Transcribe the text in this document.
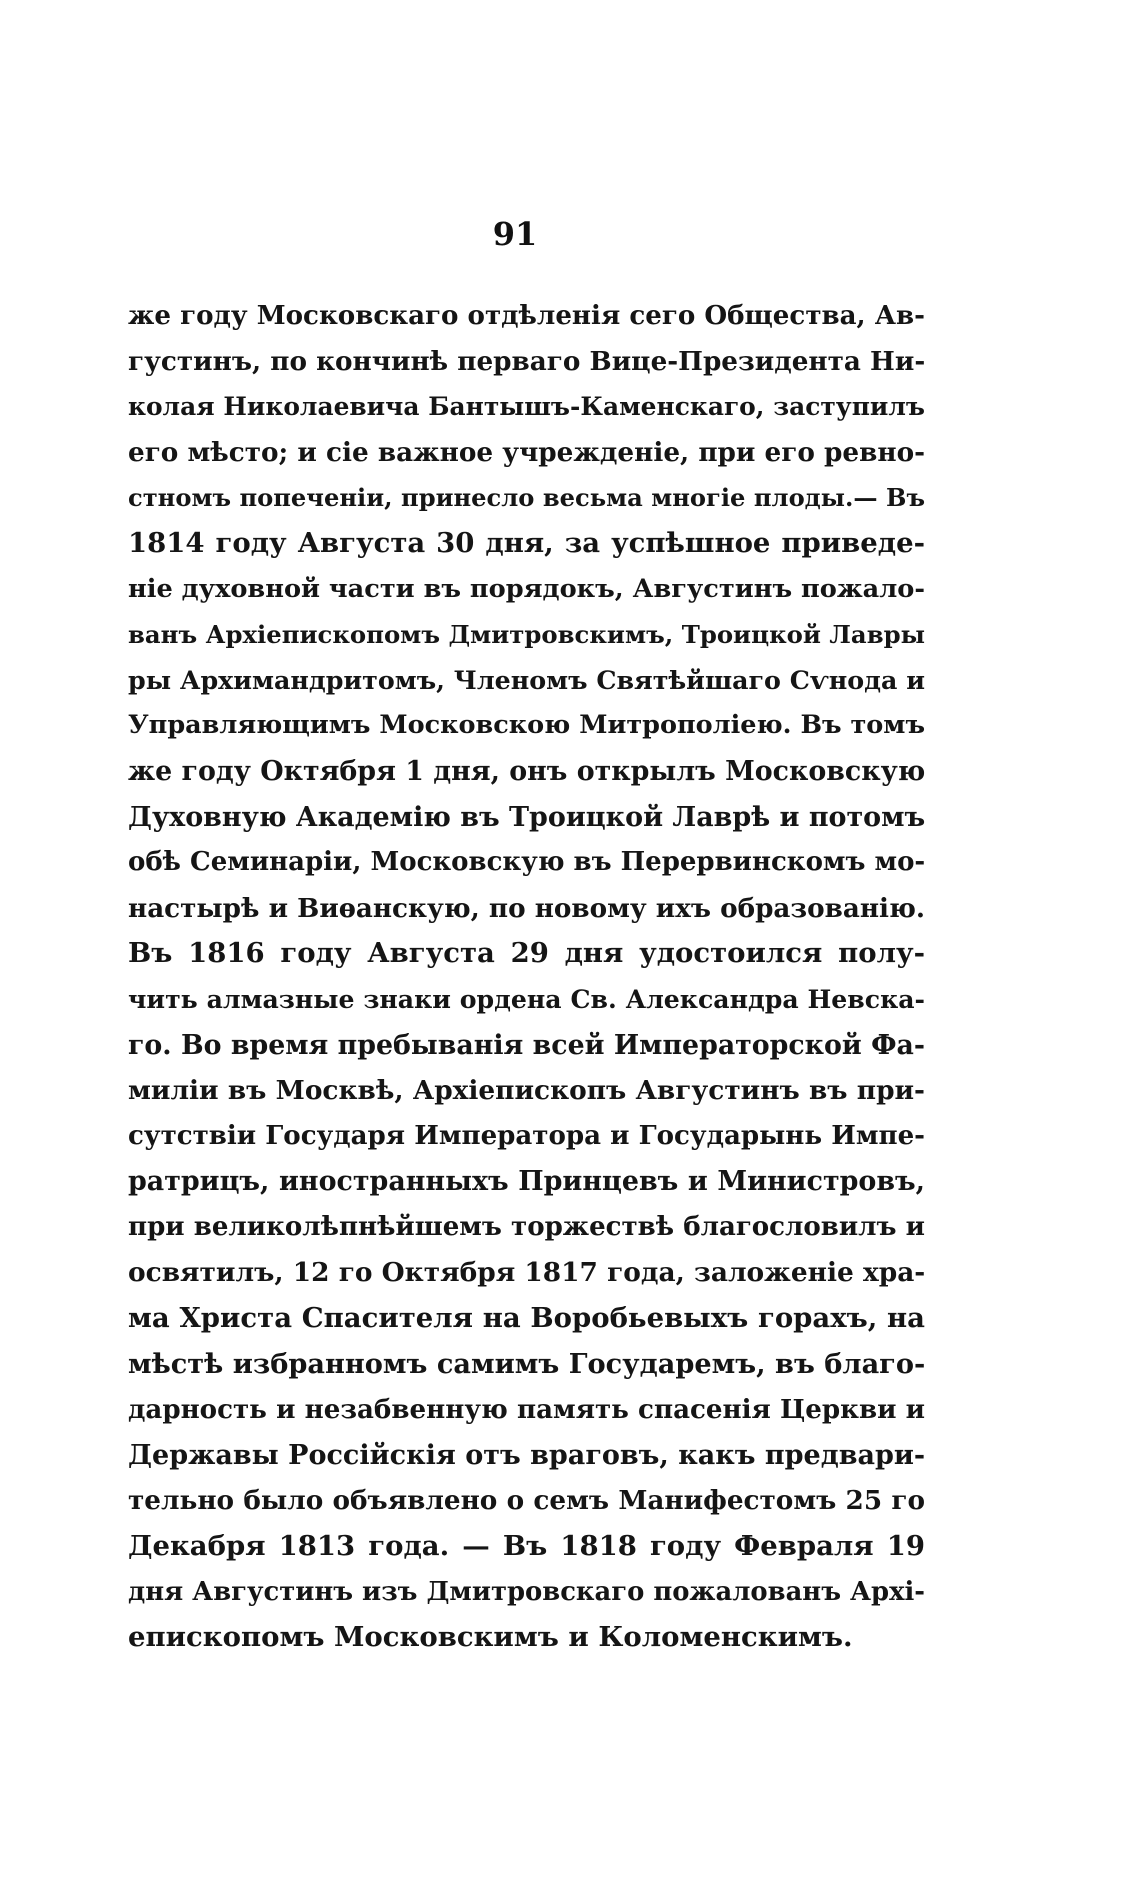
91
же году Московскаго отдѣленія сего Общества, Ав-
густинъ, по кончинѣ перваго Вице-Президента Ни-
колая Николаевича Бантышъ-Каменскаго, заступилъ
его мѣсто; и сіе важное учрежденіе, при его ревно-
стномъ попеченіи, принесло весьма многіе плоды.— Въ
1814 году Августа 30 дня, за успѣшное приведе-
ніе духовной части въ порядокъ, Августинъ пожало-
ванъ Архіепископомъ Дмитровскимъ, Троицкой Лавры
ры Архимандритомъ, Членомъ Святѣйшаго Сѵнода и
Управляющимъ Московскою Митрополіею. Въ томъ
же году Октября 1 дня, онъ открылъ Московскую
Духовную Академію въ Троицкой Лаврѣ и потомъ
обѣ Семинаріи, Московскую въ Перервинскомъ мо-
настырѣ и Виѳанскую, по новому ихъ образованію.
Въ 1816 году Августа 29 дня удостоился полу-
чить алмазные знаки ордена Св. Александра Невска-
го. Во время пребыванія всей Императорской Фа-
миліи въ Москвѣ, Архіепископъ Августинъ въ при-
сутствіи Государя Императора и Государынь Импе-
ратрицъ, иностранныхъ Принцевъ и Министровъ,
при великолѣпнѣйшемъ торжествѣ благословилъ и
освятилъ, 12 го Октября 1817 года, заложеніе хра-
ма Христа Спасителя на Воробьевыхъ горахъ, на
мѣстѣ избранномъ самимъ Государемъ, въ благо-
дарность и незабвенную память спасенія Церкви и
Державы Россійскія отъ враговъ, какъ предвари-
тельно было объявлено о семъ Манифестомъ 25 го
Декабря 1813 года. — Въ 1818 году Февраля 19
дня Августинъ изъ Дмитровскаго пожалованъ Архі-
епископомъ Московскимъ и Коломенскимъ.
